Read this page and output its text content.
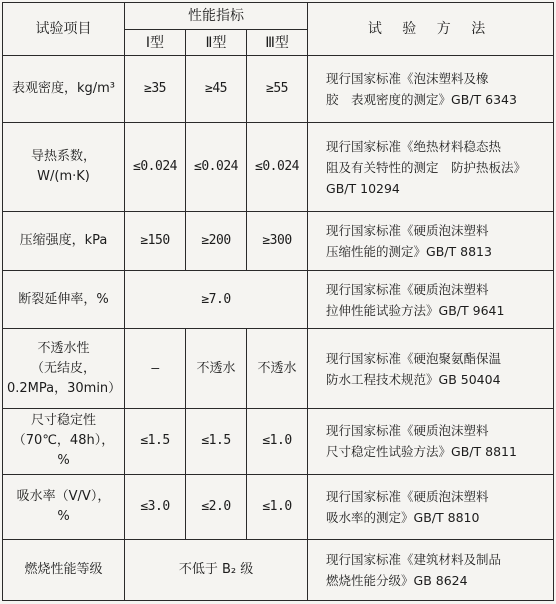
试验项目	性能指标			试 验 方 法
	Ⅰ型	Ⅱ型	Ⅲ型	

表观密度，kg/m³	≥35	≥45	≥55	现行国家标准《泡沫塑料及橡
胶　表观密度的测定》GB/T 6343

导热系数，
W/(m·K)	≤0.024	≤0.024	≤0.024	现行国家标准《绝热材料稳态热
阻及有关特性的测定　防护热板法》
GB/T 10294

压缩强度，kPa	≥150	≥200	≥300	现行国家标准《硬质泡沫塑料
压缩性能的测定》GB/T 8813

断裂延伸率，%	≥7.0			现行国家标准《硬质泡沫塑料
拉伸性能试验方法》GB/T 9641

不透水性
（无结皮，
0.2MPa，30min）	—	不透水	不透水	现行国家标准《硬泡聚氨酯保温
防水工程技术规范》GB 50404

尺寸稳定性
（70℃，48h），%	≤1.5	≤1.5	≤1.0	现行国家标准《硬质泡沫塑料
尺寸稳定性试验方法》GB/T 8811

吸水率（V/V），
%	≤3.0	≤2.0	≤1.0	现行国家标准《硬质泡沫塑料
吸水率的测定》GB/T 8810

燃烧性能等级	不低于 B₂ 级			现行国家标准《建筑材料及制品
燃烧性能分级》GB 8624
